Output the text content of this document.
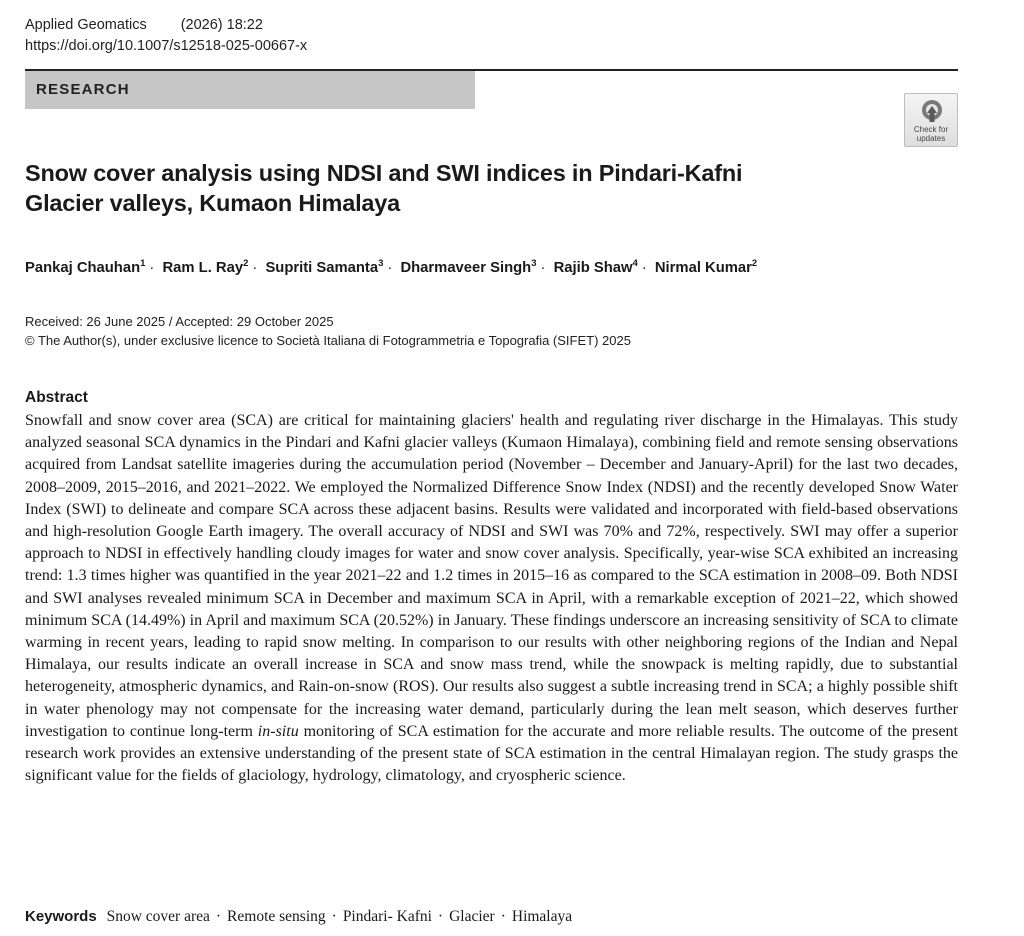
Applied Geomatics (2026) 18:22
https://doi.org/10.1007/s12518-025-00667-x
RESEARCH
Check for
updates
Snow cover analysis using NDSI and SWI indices in Pindari-Kafni
Glacier valleys, Kumaon Himalaya
Pankaj Chauhan$^1$ · Ram L. Ray$^2$ · Supriti Samanta$^3$ · Dharmaveer Singh$^3$ · Rajib Shaw$^4$ · Nirmal Kumar$^2$
Received: 26 June 2025 / Accepted: 29 October 2025
© The Author(s), under exclusive licence to Società Italiana di Fotogrammetria e Topografia (SIFET) 2025
Abstract

Snowfall and snow cover area (SCA) are critical for maintaining glaciers' health and regulating river discharge in the Himalayas. This study analyzed seasonal SCA dynamics in the Pindari and Kafni glacier valleys (Kumaon Himalaya), combining field and remote sensing observations acquired from Landsat satellite imageries during the accumulation period (November – December and January-April) for the last two decades, 2008–2009, 2015–2016, and 2021–2022. We employed the Normalized Difference Snow Index (NDSI) and the recently developed Snow Water Index (SWI) to delineate and compare SCA across these adjacent basins. Results were validated and incorporated with field-based observations and high-resolution Google Earth imagery. The overall accuracy of NDSI and SWI was 70% and 72%, respectively. SWI may offer a superior approach to NDSI in effectively handling cloudy images for water and snow cover analysis. Specifically, year-wise SCA exhibited an increasing trend: 1.3 times higher was quantified in the year 2021–22 and 1.2 times in 2015–16 as compared to the SCA estimation in 2008–09. Both NDSI and SWI analyses revealed minimum SCA in December and maximum SCA in April, with a remarkable exception of 2021–22, which showed minimum SCA (14.49%) in April and maximum SCA (20.52%) in January. These findings underscore an increasing sensitivity of SCA to climate warming in recent years, leading to rapid snow melting. In comparison to our results with other neighboring regions of the Indian and Nepal Himalaya, our results indicate an overall increase in SCA and snow mass trend, while the snowpack is melting rapidly, due to substantial heterogeneity, atmospheric dynamics, and Rain-on-snow (ROS). Our results also suggest a subtle increasing trend in SCA; a highly possible shift in water phenology may not compensate for the increasing water demand, particularly during the lean melt season, which deserves further investigation to continue long-term in-situ monitoring of SCA estimation for the accurate and more reliable results. The outcome of the present research work provides an extensive understanding of the present state of SCA estimation in the central Himalayan region. The study grasps the significant value for the fields of glaciology, hydrology, climatology, and cryospheric science.

Keywords Snow cover area · Remote sensing · Pindari- Kafni · Glacier · Himalaya
